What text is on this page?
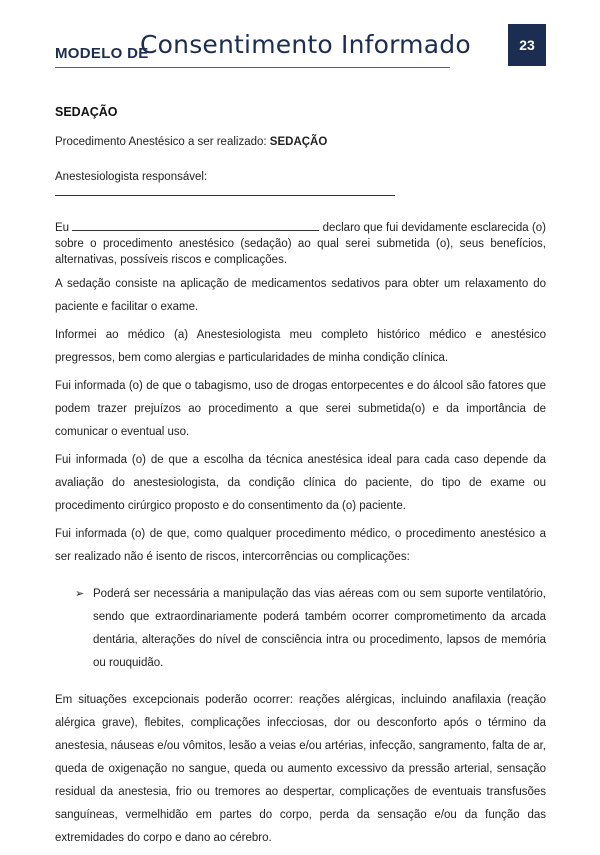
MODELO DE
Consentimento Informado	23
SEDAÇÃO
Procedimento Anestésico a ser realizado: SEDAÇÃO
Anestesiologista responsável:

Eu	declaro que fui devidamente esclarecida (o) sobre o procedimento anestésico (sedação) ao qual serei submetida (o), seus benefícios, alternativas, possíveis riscos e complicações.

A sedação consiste na aplicação de medicamentos sedativos para obter um relaxamento do paciente e facilitar o exame.

Informei ao médico (a) Anestesiologista meu completo histórico médico e anestésico pregressos, bem como alergias e particularidades de minha condição clínica.

Fui informada (o) de que o tabagismo, uso de drogas entorpecentes e do álcool são fatores que podem trazer prejuízos ao procedimento a que serei submetida(o) e da importância de comunicar o eventual uso.

Fui informada (o) de que a escolha da técnica anestésica ideal para cada caso depende da avaliação do anestesiologista, da condição clínica do paciente, do tipo de exame ou procedimento cirúrgico proposto e do consentimento da (o) paciente.

Fui informada (o) de que, como qualquer procedimento médico, o procedimento anestésico a ser realizado não é isento de riscos, intercorrências ou complicações:

➢ Poderá ser necessária a manipulação das vias aéreas com ou sem suporte ventilatório, sendo que extraordinariamente poderá também ocorrer comprometimento da arcada dentária, alterações do nível de consciência intra ou procedimento, lapsos de memória ou rouquidão.

Em situações excepcionais poderão ocorrer: reações alérgicas, incluindo anafilaxia (reação alérgica grave), flebites, complicações infecciosas, dor ou desconforto após o término da anestesia, náuseas e/ou vômitos, lesão a veias e/ou artérias, infecção, sangramento, falta de ar, queda de oxigenação no sangue, queda ou aumento excessivo da pressão arterial, sensação residual da anestesia, frio ou tremores ao despertar, complicações de eventuais transfusões sanguíneas, vermelhidão em partes do corpo, perda da sensação e/ou da função das extremidades do corpo e dano ao cérebro.
